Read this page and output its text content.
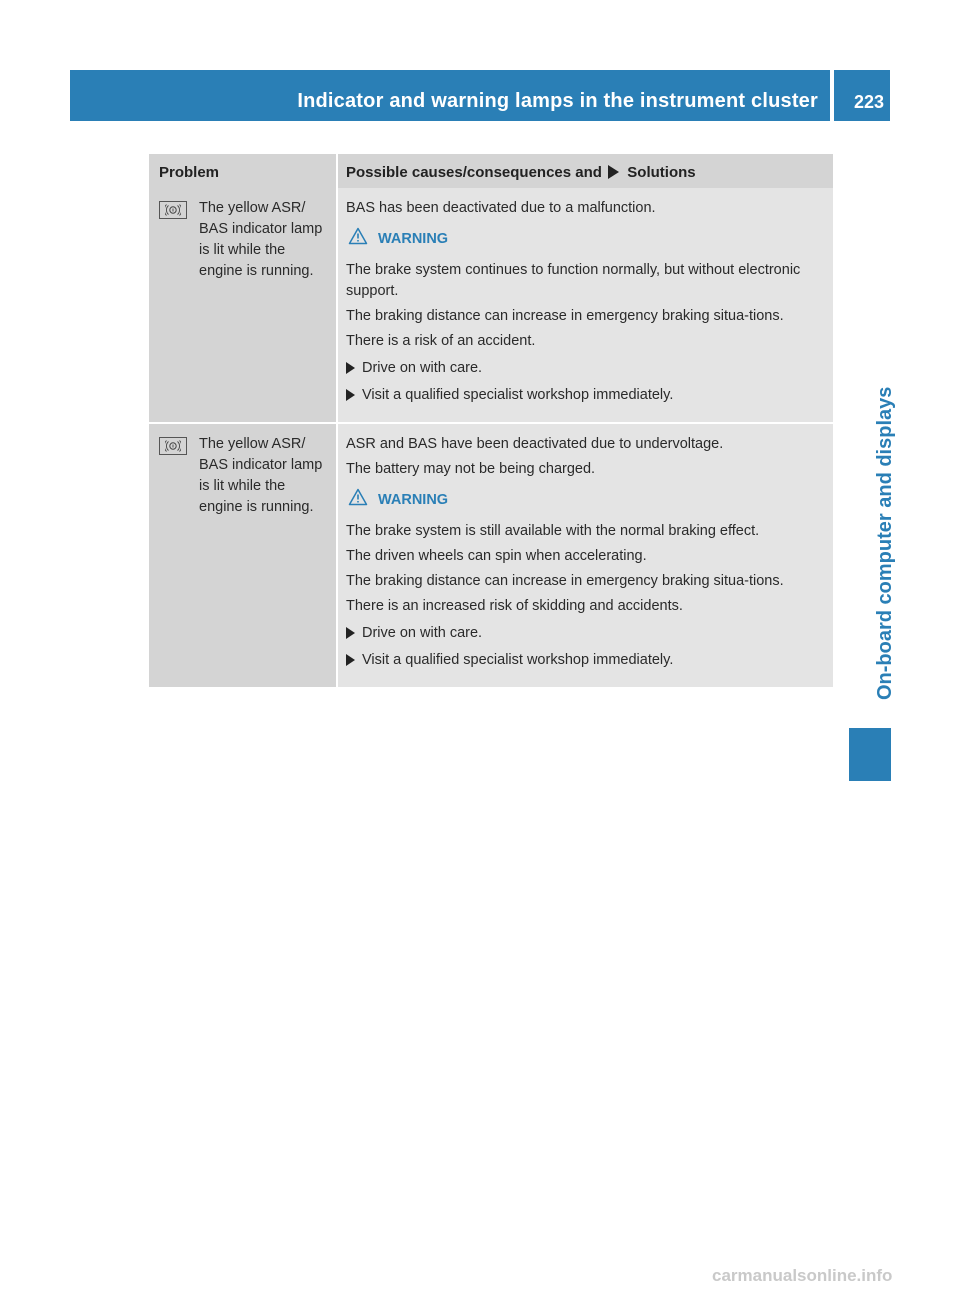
Indicator and warning lamps in the instrument cluster 223
On-board computer and displays
Problem	Possible causes/consequences and Solutions
The yellow ASR/ BAS indicator lamp is lit while the engine is running.

BAS has been deactivated due to a malfunction.

WARNING

The brake system continues to function normally, but without electronic support.

The braking distance can increase in emergency braking situa-tions.

There is a risk of an accident.

Drive on with care.
Visit a qualified specialist workshop immediately.
The yellow ASR/ BAS indicator lamp is lit while the engine is running.

ASR and BAS have been deactivated due to undervoltage.

The battery may not be being charged.

WARNING

The brake system is still available with the normal braking effect.

The driven wheels can spin when accelerating.

The braking distance can increase in emergency braking situa-tions.

There is an increased risk of skidding and accidents.

Drive on with care.
Visit a qualified specialist workshop immediately.
carmanualsonline.info
